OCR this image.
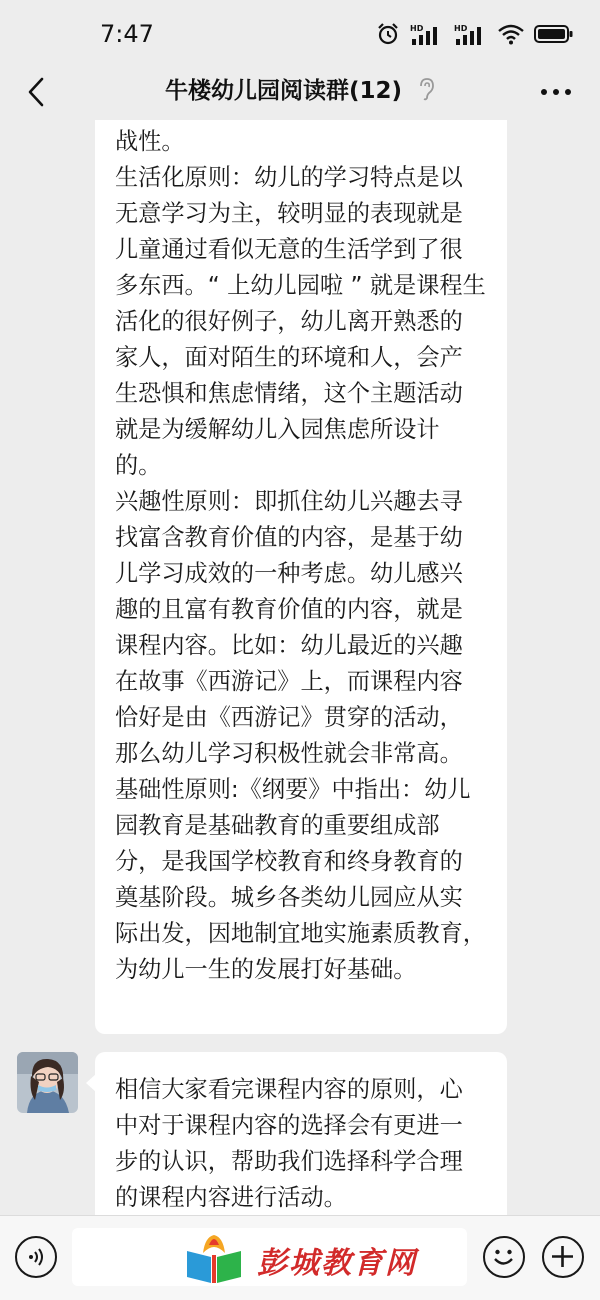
7:47	HD	HD
牛楼幼儿园阅读群(12)
战性。
生活化原则：幼儿的学习特点是以
无意学习为主，较明显的表现就是
儿童通过看似无意的生活学到了很
多东西。“ 上幼儿园啦 ” 就是课程生
活化的很好例子，幼儿离开熟悉的
家人，面对陌生的环境和人，会产
生恐惧和焦虑情绪，这个主题活动
就是为缓解幼儿入园焦虑所设计
的。
兴趣性原则：即抓住幼儿兴趣去寻
找富含教育价值的内容，是基于幼
儿学习成效的一种考虑。幼儿感兴
趣的且富有教育价值的内容，就是
课程内容。比如：幼儿最近的兴趣
在故事《西游记》上，而课程内容
恰好是由《西游记》贯穿的活动，
那么幼儿学习积极性就会非常高。
基础性原则:《纲要》中指出：幼儿
园教育是基础教育的重要组成部
分，是我国学校教育和终身教育的
奠基阶段。城乡各类幼儿园应从实
际出发，因地制宜地实施素质教育，
为幼儿一生的发展打好基础。
相信大家看完课程内容的原则，心
中对于课程内容的选择会有更进一
步的认识，帮助我们选择科学合理
的课程内容进行活动。
彭城教育网
